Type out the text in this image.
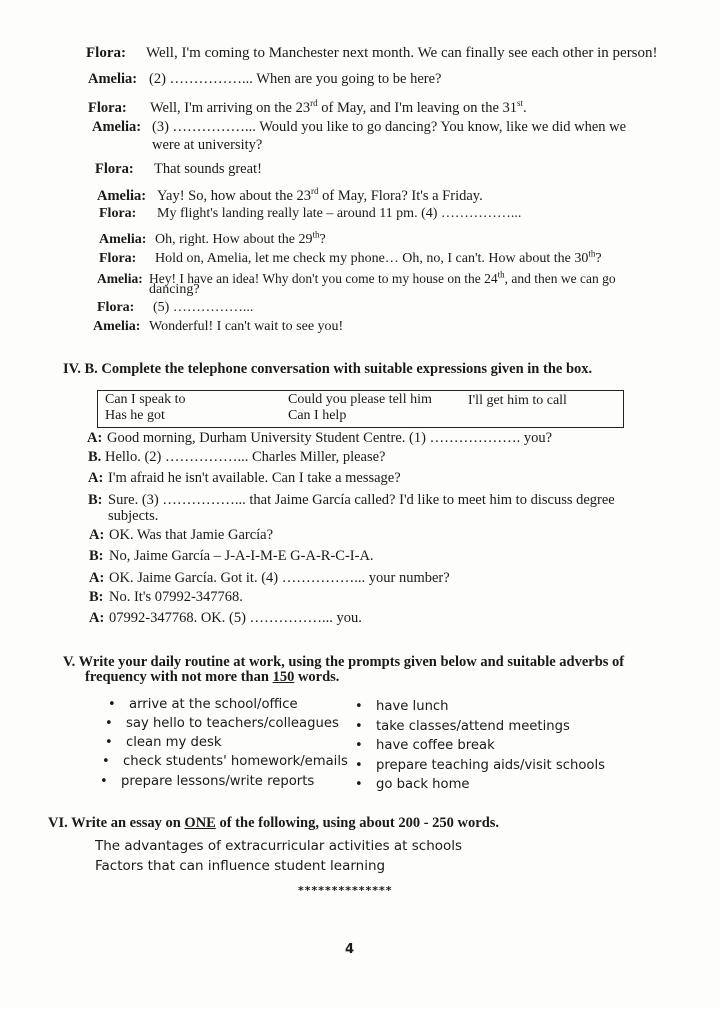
Flora: Well, I'm coming to Manchester next month. We can finally see each other in person!
Amelia: (2) ……………... When are you going to be here?
Flora: Well, I'm arriving on the 23rd of May, and I'm leaving on the 31st.
Amelia: (3) ……………... Would you like to go dancing? You know, like we did when we
were at university?
Flora: That sounds great!
Amelia: Yay! So, how about the 23rd of May, Flora? It's a Friday.
Flora: My flight's landing really late – around 11 pm. (4) ……………...
Amelia: Oh, right. How about the 29th?
Flora: Hold on, Amelia, let me check my phone… Oh, no, I can't. How about the 30th?
Amelia: Hey! I have an idea! Why don't you come to my house on the 24th, and then we can go
dancing?
Flora: (5) ……………...
Amelia: Wonderful! I can't wait to see you!
IV. B. Complete the telephone conversation with suitable expressions given in the box.
Can I speak to
Has he got
Could you please tell him
Can I help
I'll get him to call
A: Good morning, Durham University Student Centre. (1) ………………. you?
B. Hello. (2) ……………... Charles Miller, please?
A: I'm afraid he isn't available. Can I take a message?
B: Sure. (3) ……………... that Jaime García called? I'd like to meet him to discuss degree
subjects.
A: OK. Was that Jamie García?
B: No, Jaime García – J-A-I-M-E G-A-R-C-I-A.
A: OK. Jaime García. Got it. (4) ……………... your number?
B: No. It's 07992-347768.
A: 07992-347768. OK. (5) ……………... you.
V. Write your daily routine at work, using the prompts given below and suitable adverbs of
frequency with not more than 150 words.
• arrive at the school/office
• say hello to teachers/colleagues
• clean my desk
• check students' homework/emails
• prepare lessons/write reports
• have lunch
• take classes/attend meetings
• have coffee break
• prepare teaching aids/visit schools
• go back home
VI. Write an essay on ONE of the following, using about 200 - 250 words.
The advantages of extracurricular activities at schools
Factors that can influence student learning
**************
4
